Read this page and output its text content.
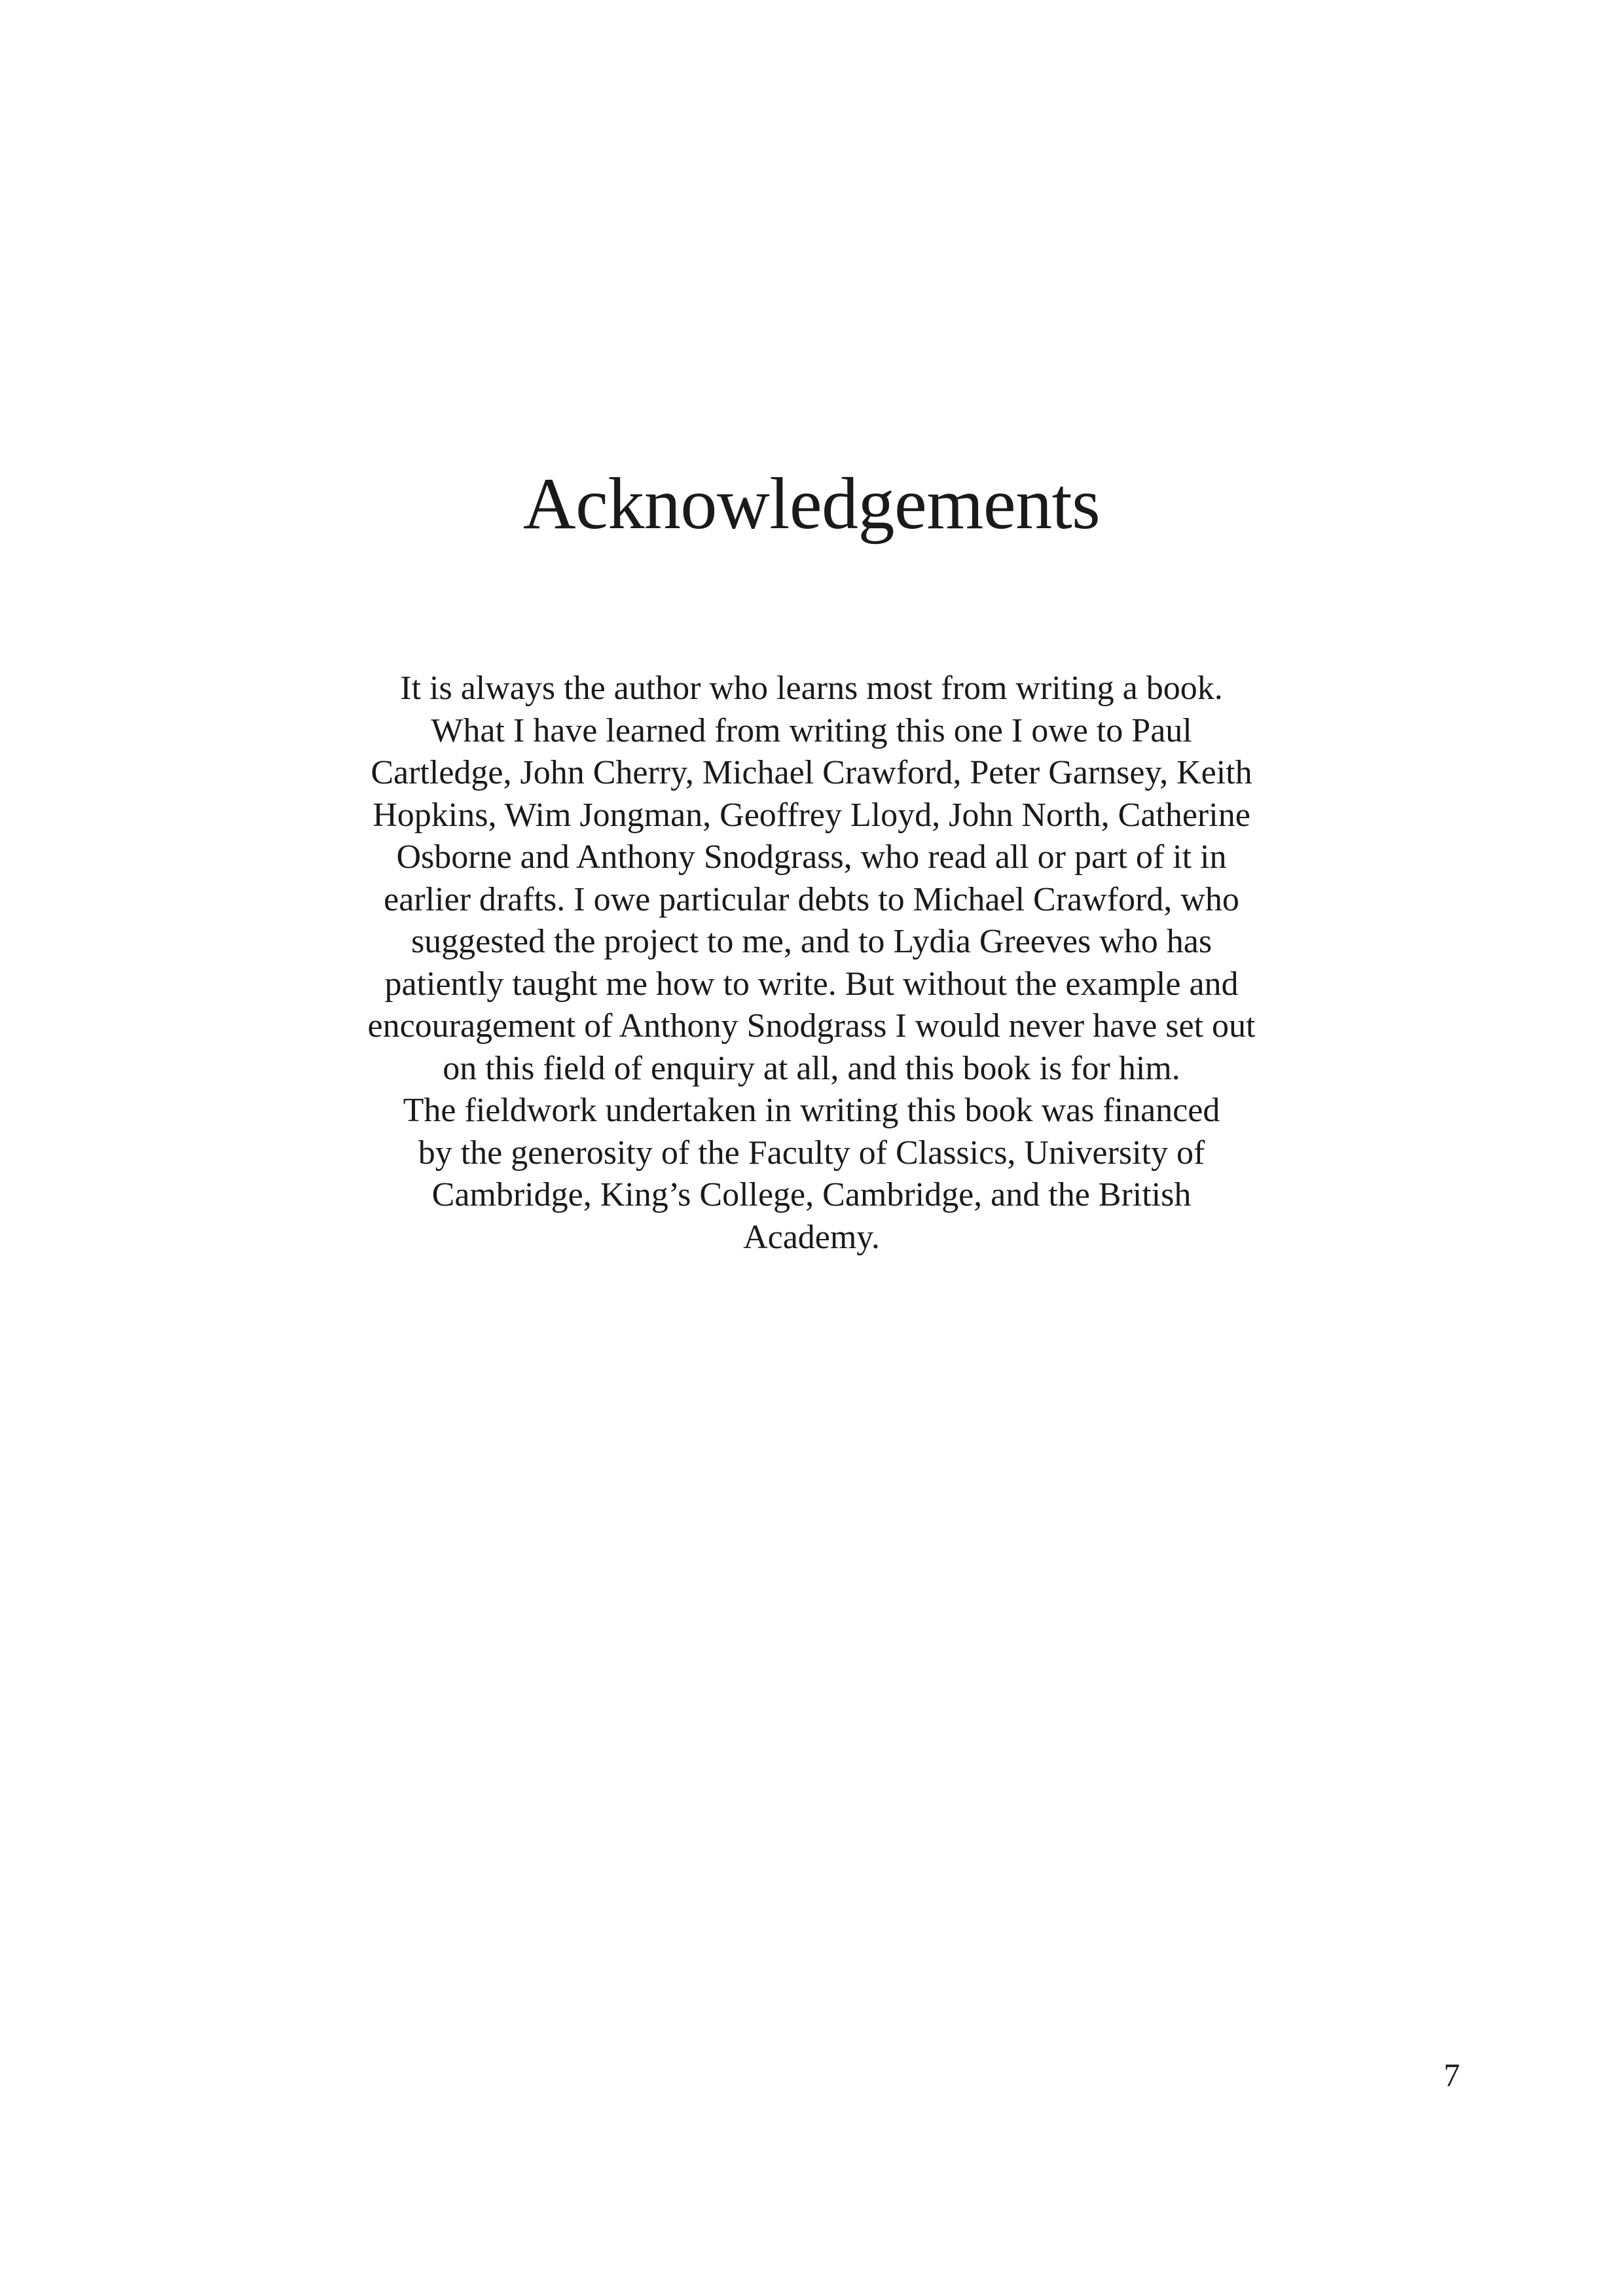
Acknowledgements
It is always the author who learns most from writing a book.
What I have learned from writing this one I owe to Paul
Cartledge, John Cherry, Michael Crawford, Peter Garnsey, Keith
Hopkins, Wim Jongman, Geoffrey Lloyd, John North, Catherine
Osborne and Anthony Snodgrass, who read all or part of it in
earlier drafts. I owe particular debts to Michael Crawford, who
suggested the project to me, and to Lydia Greeves who has
patiently taught me how to write. But without the example and
encouragement of Anthony Snodgrass I would never have set out
on this field of enquiry at all, and this book is for him.
The fieldwork undertaken in writing this book was financed
by the generosity of the Faculty of Classics, University of
Cambridge, King’s College, Cambridge, and the British
Academy.
7
